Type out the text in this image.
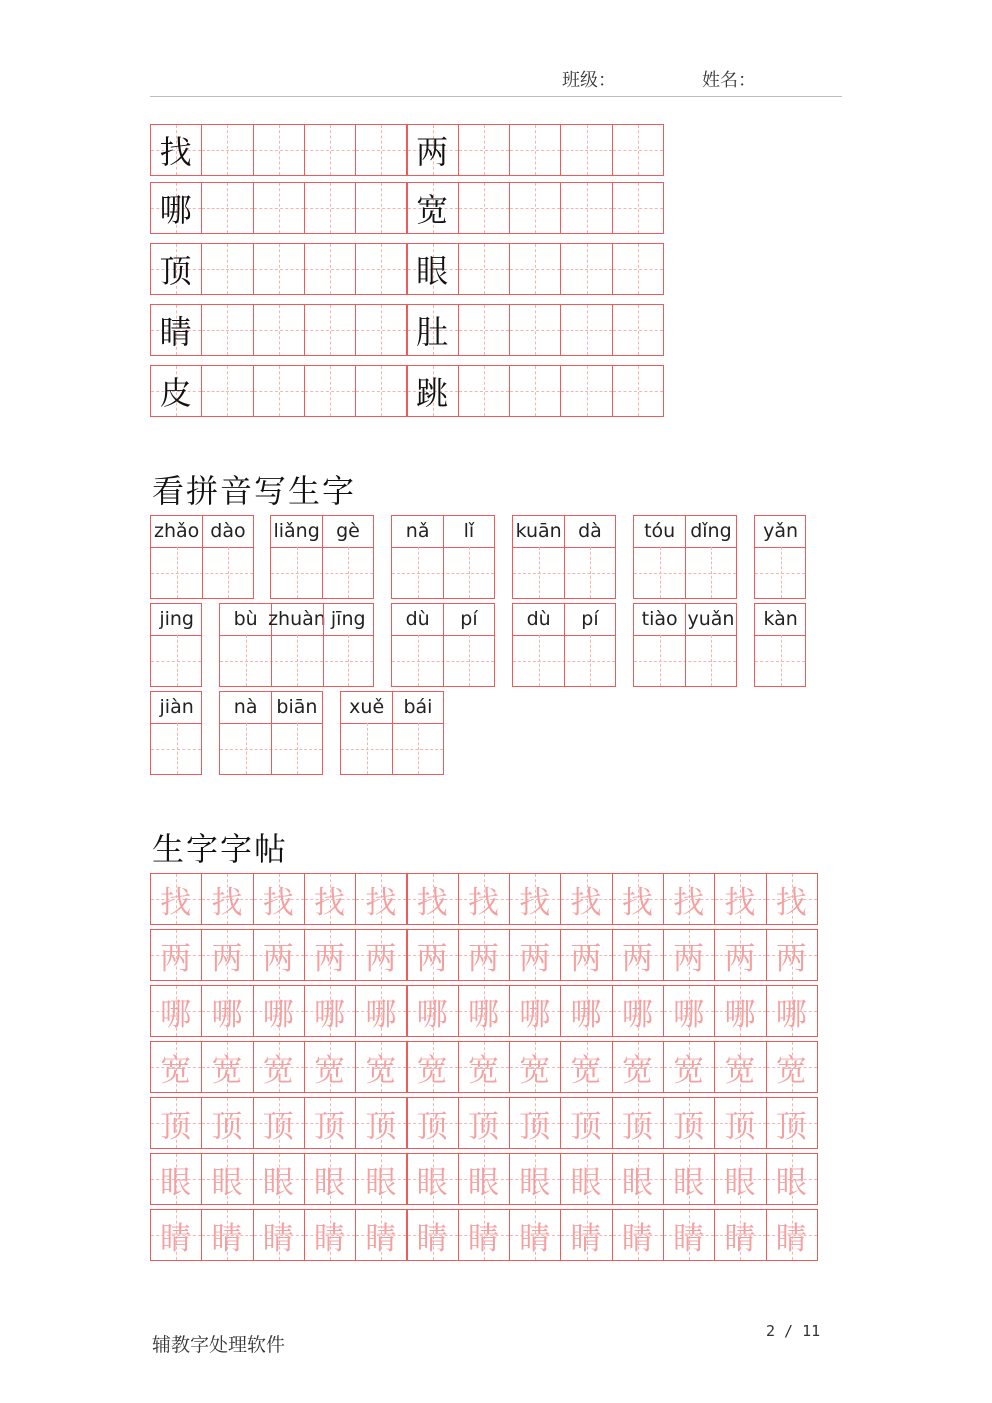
班级：	姓名：
找	两
哪	宽
顶	眼
睛	肚
皮	跳
看拼音写生字
zhǎo dào	liǎng gè	nǎ	lǐ	kuān dà	tóu dǐng	yǎn
jing	bù zhuàn jīng	dù	pí	dù	pí	tiào yuǎn	kàn
jiàn	nà biān	xuě	bái
生字字帖
找 找 找 找 找 找 找 找 找 找 找 找 找
两 两 两 两 两 两 两 两 两 两 两 两 两
哪 哪 哪 哪 哪 哪 哪 哪 哪 哪 哪 哪 哪
宽 宽 宽 宽 宽 宽 宽 宽 宽 宽 宽 宽 宽
顶 顶 顶 顶 顶 顶 顶 顶 顶 顶 顶 顶 顶
眼 眼 眼 眼 眼 眼 眼 眼 眼 眼 眼 眼 眼
睛 睛 睛 睛 睛 睛 睛 睛 睛 睛 睛 睛 睛
辅教字处理软件
2 / 11
